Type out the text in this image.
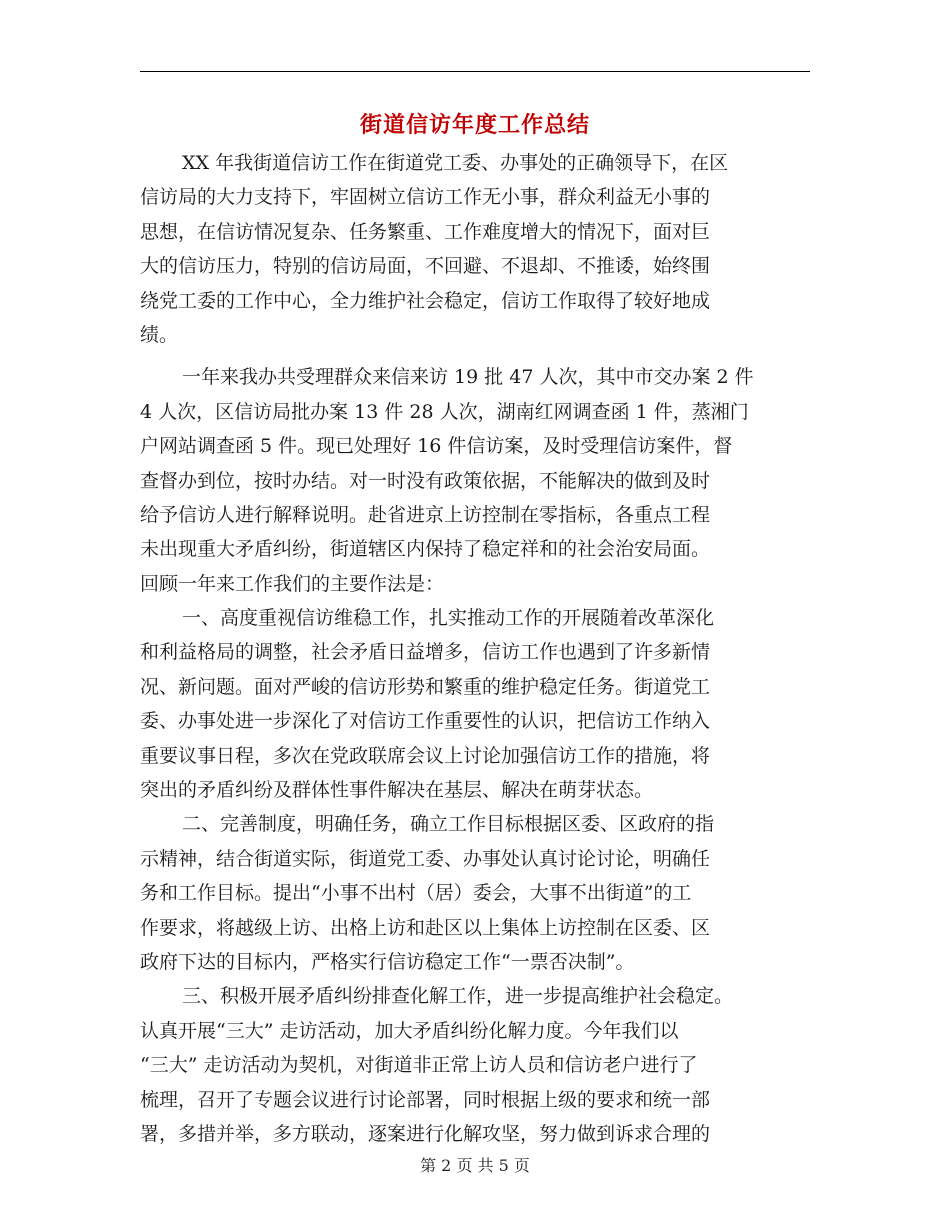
街道信访年度工作总结
XX 年我街道信访工作在街道党工委、办事处的正确领导下，在区
信访局的大力支持下，牢固树立信访工作无小事，群众利益无小事的
思想，在信访情况复杂、任务繁重、工作难度增大的情况下，面对巨
大的信访压力，特别的信访局面，不回避、不退却、不推诿，始终围
绕党工委的工作中心，全力维护社会稳定，信访工作取得了较好地成
绩。
一年来我办共受理群众来信来访 19 批 47 人次，其中市交办案 2 件
4 人次，区信访局批办案 13 件 28 人次，湖南红网调查函 1 件，蒸湘门
户网站调查函 5 件。现已处理好 16 件信访案，及时受理信访案件，督
查督办到位，按时办结。对一时没有政策依据，不能解决的做到及时
给予信访人进行解释说明。赴省进京上访控制在零指标，各重点工程
未出现重大矛盾纠纷，街道辖区内保持了稳定祥和的社会治安局面。
回顾一年来工作我们的主要作法是：
一、高度重视信访维稳工作，扎实推动工作的开展随着改革深化
和利益格局的调整，社会矛盾日益增多，信访工作也遇到了许多新情
况、新问题。面对严峻的信访形势和繁重的维护稳定任务。街道党工
委、办事处进一步深化了对信访工作重要性的认识，把信访工作纳入
重要议事日程，多次在党政联席会议上讨论加强信访工作的措施，将
突出的矛盾纠纷及群体性事件解决在基层、解决在萌芽状态。
二、完善制度，明确任务，确立工作目标根据区委、区政府的指
示精神，结合街道实际，街道党工委、办事处认真讨论讨论，明确任
务和工作目标。提出“小事不出村（居）委会，大事不出街道”的工
作要求，将越级上访、出格上访和赴区以上集体上访控制在区委、区
政府下达的目标内，严格实行信访稳定工作“一票否决制”。
三、积极开展矛盾纠纷排查化解工作，进一步提高维护社会稳定。
认真开展“三大” 走访活动，加大矛盾纠纷化解力度。今年我们以
“三大” 走访活动为契机，对街道非正常上访人员和信访老户进行了
梳理，召开了专题会议进行讨论部署，同时根据上级的要求和统一部
署，多措并举，多方联动，逐案进行化解攻坚，努力做到诉求合理的
第 2 页 共 5 页
